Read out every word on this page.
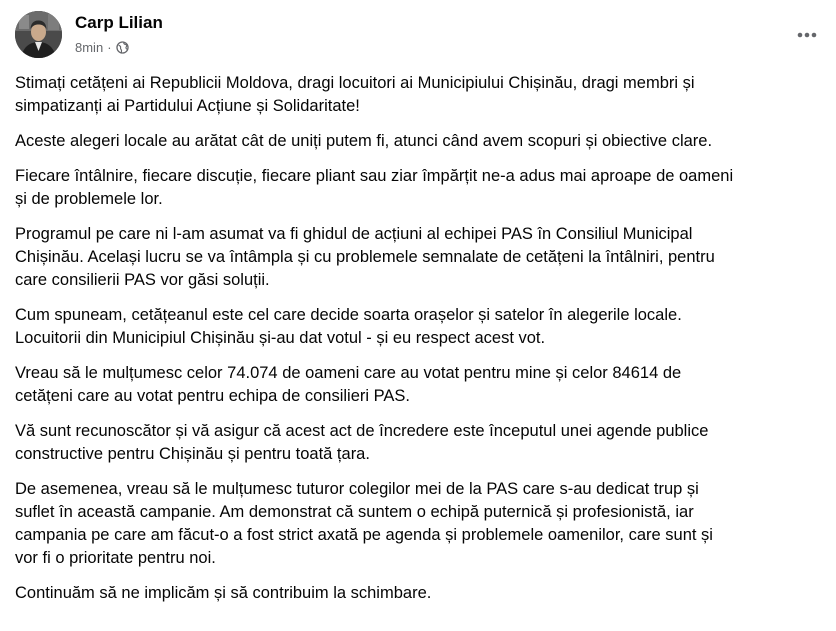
Carp Lilian
8min ·

Stimați cetățeni ai Republicii Moldova, dragi locuitori ai Municipiului Chișinău, dragi membri și
simpatizanți ai Partidului Acțiune și Solidaritate!

Aceste alegeri locale au arătat cât de uniți putem fi, atunci când avem scopuri și obiective clare.

Fiecare întâlnire, fiecare discuție, fiecare pliant sau ziar împărțit ne-a adus mai aproape de oameni
și de problemele lor.

Programul pe care ni l-am asumat va fi ghidul de acțiuni al echipei PAS în Consiliul Municipal
Chișinău. Același lucru se va întâmpla și cu problemele semnalate de cetățeni la întâlniri, pentru
care consilierii PAS vor găsi soluții.

Cum spuneam, cetățeanul este cel care decide soarta orașelor și satelor în alegerile locale.
Locuitorii din Municipiul Chișinău și-au dat votul - și eu respect acest vot.

Vreau să le mulțumesc celor 74.074 de oameni care au votat pentru mine și celor 84614 de
cetățeni care au votat pentru echipa de consilieri PAS.

Vă sunt recunoscător și vă asigur că acest act de încredere este începutul unei agende publice
constructive pentru Chișinău și pentru toată țara.

De asemenea, vreau să le mulțumesc tuturor colegilor mei de la PAS care s-au dedicat trup și
suflet în această campanie. Am demonstrat că suntem o echipă puternică și profesionistă, iar
campania pe care am făcut-o a fost strict axată pe agenda și problemele oamenilor, care sunt și
vor fi o prioritate pentru noi.

Continuăm să ne implicăm și să contribuim la schimbare.
